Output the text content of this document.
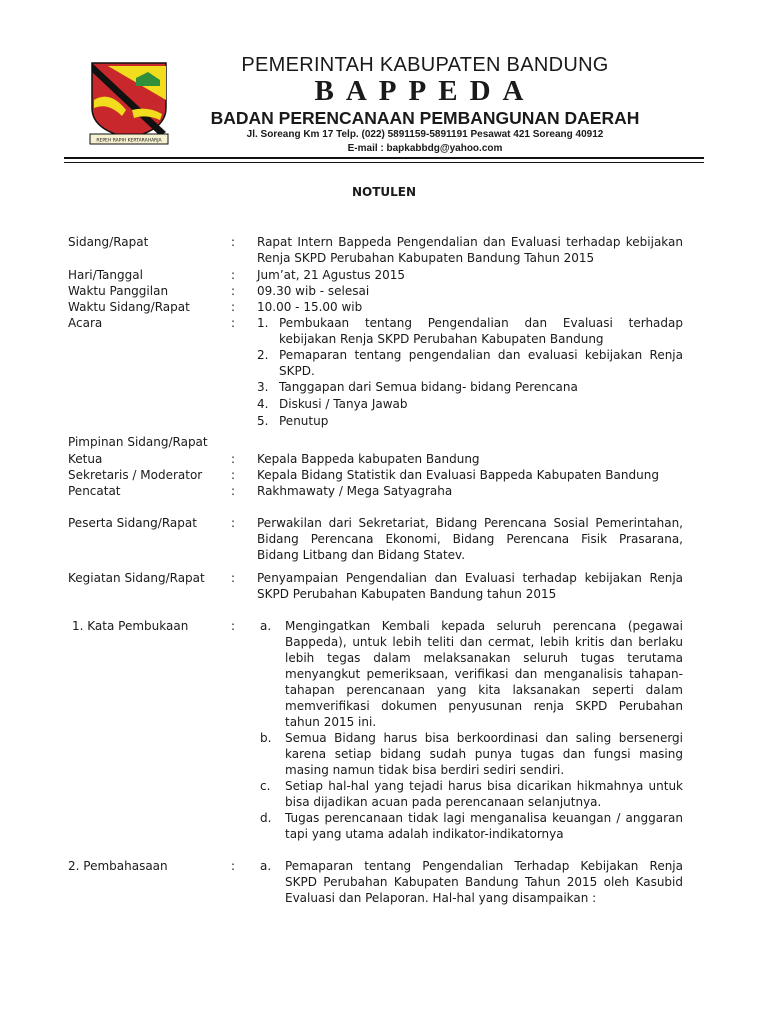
REPEH RAPIH KERTARAHARJA
PEMERINTAH KABUPATEN BANDUNG
BAPPEDA
BADAN PERENCANAAN PEMBANGUNAN DAERAH
Jl. Soreang Km 17 Telp. (022) 5891159-5891191 Pesawat 421 Soreang 40912
E-mail : bapkabbdg@yahoo.com
NOTULEN
Sidang/Rapat	: Rapat Intern Bappeda Pengendalian dan Evaluasi terhadap kebijakan
Renja SKPD Perubahan Kabupaten Bandung Tahun 2015
Hari/Tanggal	: Jum’at, 21 Agustus 2015
Waktu Panggilan	: 09.30 wib - selesai
Waktu Sidang/Rapat	: 10.00 - 15.00 wib
Acara	: 1. Pembukaan tentang Pengendalian dan Evaluasi terhadap
kebijakan Renja SKPD Perubahan Kabupaten Bandung
2. Pemaparan tentang pengendalian dan evaluasi kebijakan Renja
SKPD.
3. Tanggapan dari Semua bidang- bidang Perencana
4. Diskusi / Tanya Jawab
5. Penutup
Pimpinan Sidang/Rapat
Ketua	: Kepala Bappeda kabupaten Bandung
Sekretaris / Moderator : Kepala Bidang Statistik dan Evaluasi Bappeda Kabupaten Bandung
Pencatat	: Rakhmawaty / Mega Satyagraha
Peserta Sidang/Rapat	: Perwakilan dari Sekretariat, Bidang Perencana Sosial Pemerintahan,
Bidang Perencana Ekonomi, Bidang Perencana Fisik Prasarana,
Bidang Litbang dan Bidang Statev.
Kegiatan Sidang/Rapat : Penyampaian Pengendalian dan Evaluasi terhadap kebijakan Renja
SKPD Perubahan Kabupaten Bandung tahun 2015
1. Kata Pembukaan	: a. Mengingatkan Kembali kepada seluruh perencana (pegawai
Bappeda), untuk lebih teliti dan cermat, lebih kritis dan berlaku
lebih tegas dalam melaksanakan seluruh tugas terutama
menyangkut pemeriksaan, verifikasi dan menganalisis tahapan-
tahapan perencanaan yang kita laksanakan seperti dalam
memverifikasi dokumen penyusunan renja SKPD Perubahan
tahun 2015 ini.
b. Semua Bidang harus bisa berkoordinasi dan saling bersenergi
karena setiap bidang sudah punya tugas dan fungsi masing
masing namun tidak bisa berdiri sediri sendiri.
c. Setiap hal-hal yang tejadi harus bisa dicarikan hikmahnya untuk
bisa dijadikan acuan pada perencanaan selanjutnya.
d. Tugas perencanaan tidak lagi menganalisa keuangan / anggaran
tapi yang utama adalah indikator-indikatornya
2. Pembahasaan	: a. Pemaparan tentang Pengendalian Terhadap Kebijakan Renja
SKPD Perubahan Kabupaten Bandung Tahun 2015 oleh Kasubid
Evaluasi dan Pelaporan. Hal-hal yang disampaikan :
